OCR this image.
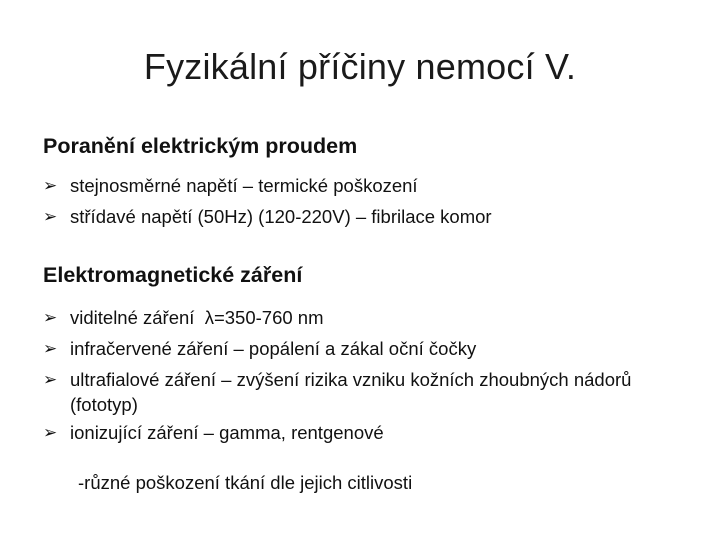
Fyzikální příčiny nemocí V.
Poranění elektrickým proudem
➢ stejnosměrné napětí – termické poškození
➢ střídavé napětí (50Hz) (120-220V) – fibrilace komor
Elektromagnetické záření
➢ viditelné záření  λ=350-760 nm
➢ infračervené záření – popálení a zákal oční čočky
➢ ultrafialové záření – zvýšení rizika vzniku kožních zhoubných nádorů (fototyp)
➢ ionizující záření – gamma, rentgenové
-různé poškození tkání dle jejich citlivosti
